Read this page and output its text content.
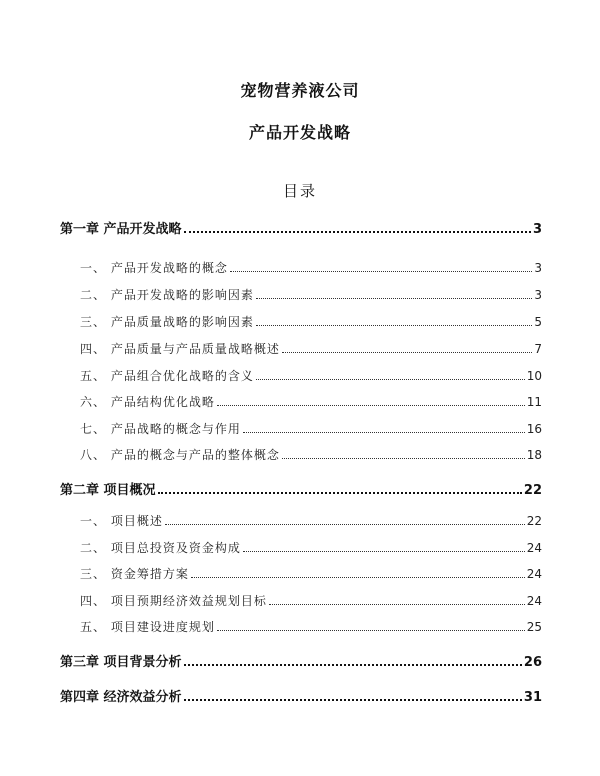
宠物营养液公司
产品开发战略
目录
第一章 产品开发战略	3
一、 产品开发战略的概念	3
二、 产品开发战略的影响因素	3
三、 产品质量战略的影响因素	5
四、 产品质量与产品质量战略概述	7
五、 产品组合优化战略的含义	10
六、 产品结构优化战略	11
七、 产品战略的概念与作用	16
八、 产品的概念与产品的整体概念	18
第二章 项目概况	22
一、 项目概述	22
二、 项目总投资及资金构成	24
三、 资金筹措方案	24
四、 项目预期经济效益规划目标	24
五、 项目建设进度规划	25
第三章 项目背景分析	26
第四章 经济效益分析	31
